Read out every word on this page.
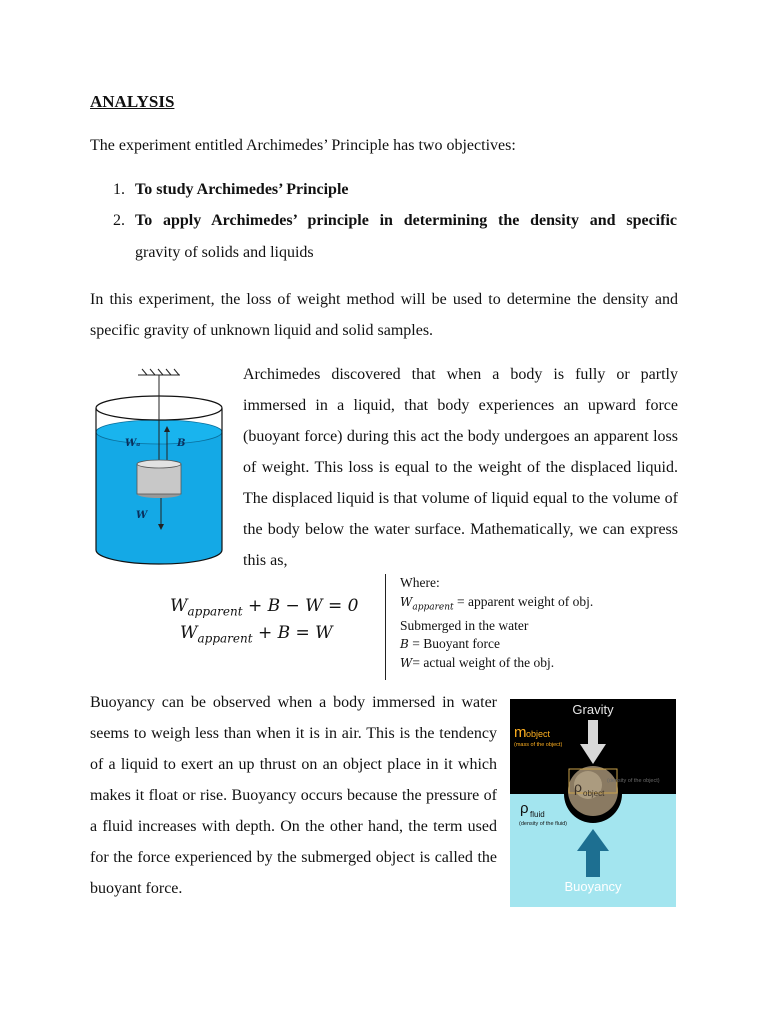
ANALYSIS
The experiment entitled Archimedes’ Principle has two objectives:
1. To study Archimedes’ Principle
2. To apply Archimedes’ principle in determining the density and specific
gravity of solids and liquids
In this experiment, the loss of weight method will be used to determine the density and specific gravity of unknown liquid and solid samples.
Wₐ	B
W
Archimedes discovered that when a body is fully or partly immersed in a liquid, that body experiences an upward force (buoyant force) during this act the body undergoes an apparent loss of weight. This loss is equal to the weight of the displaced liquid. The displaced liquid is that volume of liquid equal to the volume of the body below the water surface. Mathematically, we can express this as,
$W_{apparent} + B - W = 0$
$W_{apparent} + B = W$
Where:
$W_{apparent}$ = apparent weight of obj.
Submerged in the water
B = Buoyant force
W= actual weight of the obj.
Buoyancy can be observed when a body immersed in water seems to weigh less than when it is in air. This is the tendency of a liquid to exert an up thrust on an object place in it which makes it float or rise. Buoyancy occurs because the pressure of a fluid increases with depth. On the other hand, the term used for the force experienced by the submerged object is called the buoyant force.
Gravity
m object
(mass of the object)
ρ object
(density of the object)
ρ fluid
(density of the fluid)
Buoyancy
